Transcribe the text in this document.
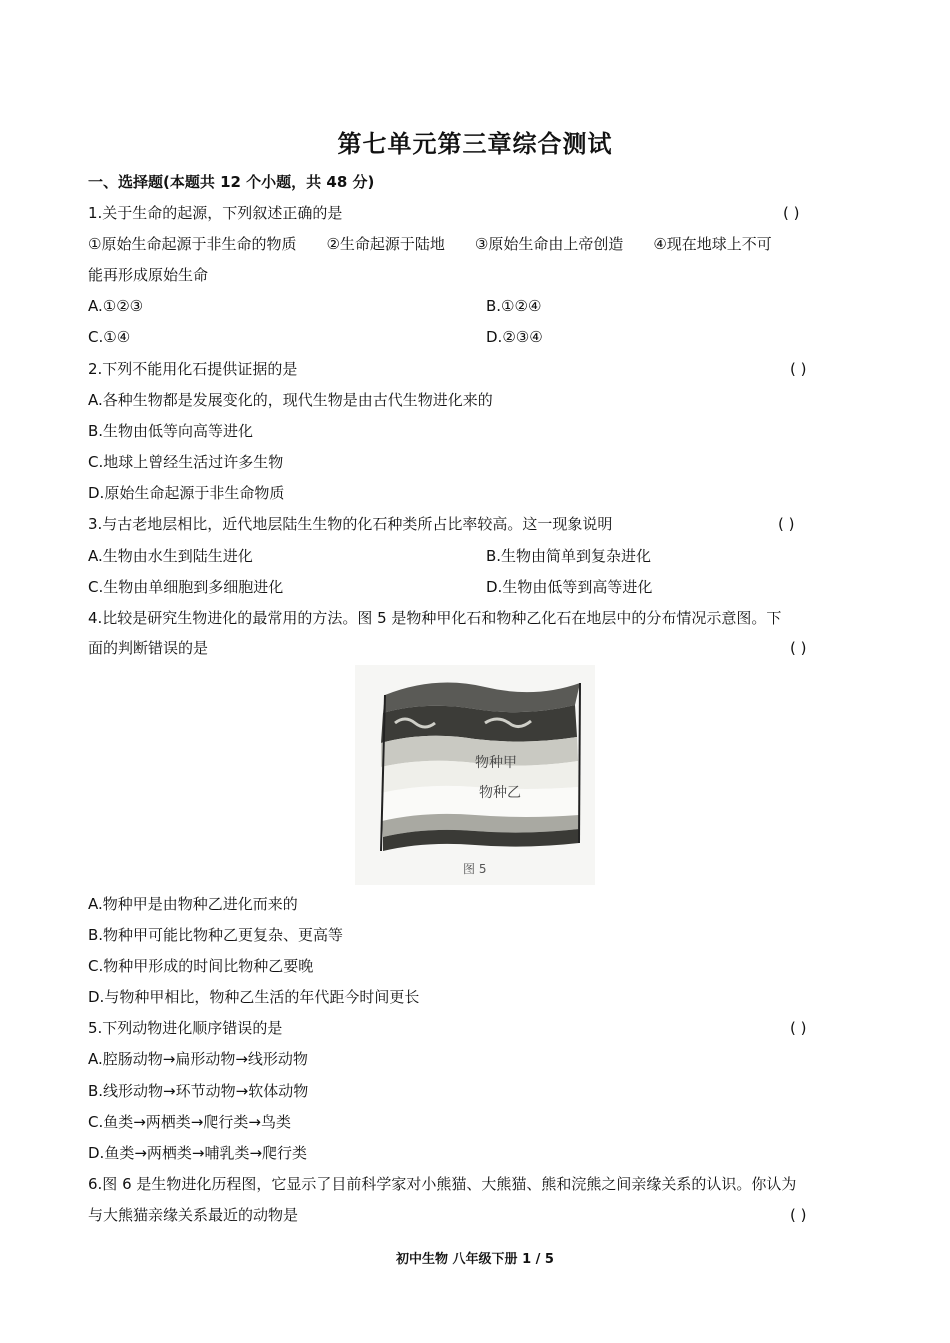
第七单元第三章综合测试
一、选择题(本题共 12 个小题，共 48 分)
1.关于生命的起源，下列叙述正确的是	( )
①原始生命起源于非生命的物质　　②生命起源于陆地　　③原始生命由上帝创造　　④现在地球上不可
能再形成原始生命
A.①②③	B.①②④
C.①④	D.②③④
2.下列不能用化石提供证据的是	( )
A.各种生物都是发展变化的，现代生物是由古代生物进化来的
B.生物由低等向高等进化
C.地球上曾经生活过许多生物
D.原始生命起源于非生命物质
3.与古老地层相比，近代地层陆生生物的化石种类所占比率较高。这一现象说明	( )
A.生物由水生到陆生进化	B.生物由简单到复杂进化
C.生物由单细胞到多细胞进化	D.生物由低等到高等进化
4.比较是研究生物进化的最常用的方法。图 5 是物种甲化石和物种乙化石在地层中的分布情况示意图。下
面的判断错误的是	( )
物种甲
物种乙
图 5
A.物种甲是由物种乙进化而来的
B.物种甲可能比物种乙更复杂、更高等
C.物种甲形成的时间比物种乙要晚
D.与物种甲相比，物种乙生活的年代距今时间更长
5.下列动物进化顺序错误的是	( )
A.腔肠动物→扁形动物→线形动物
B.线形动物→环节动物→软体动物
C.鱼类→两栖类→爬行类→鸟类
D.鱼类→两栖类→哺乳类→爬行类
6.图 6 是生物进化历程图，它显示了目前科学家对小熊猫、大熊猫、熊和浣熊之间亲缘关系的认识。你认为
与大熊猫亲缘关系最近的动物是	( )
初中生物 八年级下册 1 / 5
